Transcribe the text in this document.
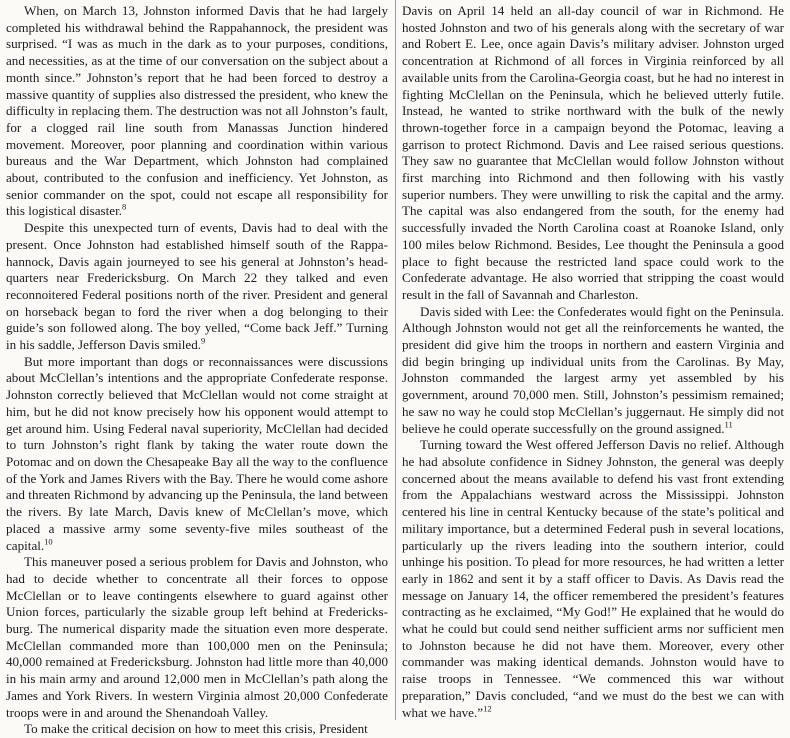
When, on March 13, Johnston informed Davis that he had largely completed his withdrawal behind the Rappahannock, the president was surprised. “I was as much in the dark as to your purposes, conditions, and necessities, as at the time of our conversation on the subject about a month since.” Johnston’s report that he had been forced to destroy a massive quantity of supplies also distressed the president, who knew the difficulty in replacing them. The destruction was not all Johnston’s fault, for a clogged rail line south from Manassas Junction hindered movement. Moreover, poor planning and coordination within various bureaus and the War Department, which Johnston had complained about, contributed to the confusion and inefficiency. Yet Johnston, as senior commander on the spot, could not escape all responsibility for this logistical disaster.$^8$

Despite this unexpected turn of events, Davis had to deal with the present. Once Johnston had established himself south of the Rappahannock, Davis again journeyed to see his general at Johnston’s headquarters near Fredericksburg. On March 22 they talked and even reconnoitered Federal positions north of the river. President and general on horseback began to ford the river when a dog belonging to their guide’s son followed along. The boy yelled, “Come back Jeff.” Turning in his saddle, Jefferson Davis smiled.$^9$

But more important than dogs or reconnaissances were discussions about McClellan’s intentions and the appropriate Confederate response. Johnston correctly believed that McClellan would not come straight at him, but he did not know precisely how his opponent would attempt to get around him. Using Federal naval superiority, McClellan had decided to turn Johnston’s right flank by taking the water route down the Potomac and on down the Chesapeake Bay all the way to the confluence of the York and James Rivers with the Bay. There he would come ashore and threaten Richmond by advancing up the Peninsula, the land between the rivers. By late March, Davis knew of McClellan’s move, which placed a massive army some seventy-five miles southeast of the capital.$^{10}$

This maneuver posed a serious problem for Davis and Johnston, who had to decide whether to concentrate all their forces to oppose McClellan or to leave contingents elsewhere to guard against other Union forces, particularly the sizable group left behind at Fredericksburg. The numerical disparity made the situation even more desperate. McClellan commanded more than 100,000 men on the Peninsula; 40,000 remained at Fredericksburg. Johnston had little more than 40,000 in his main army and around 12,000 men in McClellan’s path along the James and York Rivers. In western Virginia almost 20,000 Confederate troops were in and around the Shenandoah Valley.

To make the critical decision on how to meet this crisis, President

Davis on April 14 held an all-day council of war in Richmond. He hosted Johnston and two of his generals along with the secretary of war and Robert E. Lee, once again Davis’s military adviser. Johnston urged concentration at Richmond of all forces in Virginia reinforced by all available units from the Carolina-Georgia coast, but he had no interest in fighting McClellan on the Peninsula, which he believed utterly futile. Instead, he wanted to strike northward with the bulk of the newly thrown-together force in a campaign beyond the Potomac, leaving a garrison to protect Richmond. Davis and Lee raised serious questions. They saw no guarantee that McClellan would follow Johnston without first marching into Richmond and then following with his vastly superior numbers. They were unwilling to risk the capital and the army. The capital was also endangered from the south, for the enemy had successfully invaded the North Carolina coast at Roanoke Island, only 100 miles below Richmond. Besides, Lee thought the Peninsula a good place to fight because the restricted land space could work to the Confederate advantage. He also worried that stripping the coast would result in the fall of Savannah and Charleston.

Davis sided with Lee: the Confederates would fight on the Peninsula. Although Johnston would not get all the reinforcements he wanted, the president did give him the troops in northern and eastern Virginia and did begin bringing up individual units from the Carolinas. By May, Johnston commanded the largest army yet assembled by his government, around 70,000 men. Still, Johnston’s pessimism remained; he saw no way he could stop McClellan’s juggernaut. He simply did not believe he could operate successfully on the ground assigned.$^{11}$

Turning toward the West offered Jefferson Davis no relief. Although he had absolute confidence in Sidney Johnston, the general was deeply concerned about the means available to defend his vast front extending from the Appalachians westward across the Mississippi. Johnston centered his line in central Kentucky because of the state’s political and military importance, but a determined Federal push in several locations, particularly up the rivers leading into the southern interior, could unhinge his position. To plead for more resources, he had written a letter early in 1862 and sent it by a staff officer to Davis. As Davis read the message on January 14, the officer remembered the president’s features contracting as he exclaimed, “My God!” He explained that he would do what he could but could send neither sufficient arms nor sufficient men to Johnston because he did not have them. Moreover, every other commander was making identical demands. Johnston would have to raise troops in Tennessee. “We commenced this war without preparation,” Davis concluded, “and we must do the best we can with what we have.”$^{12}$
